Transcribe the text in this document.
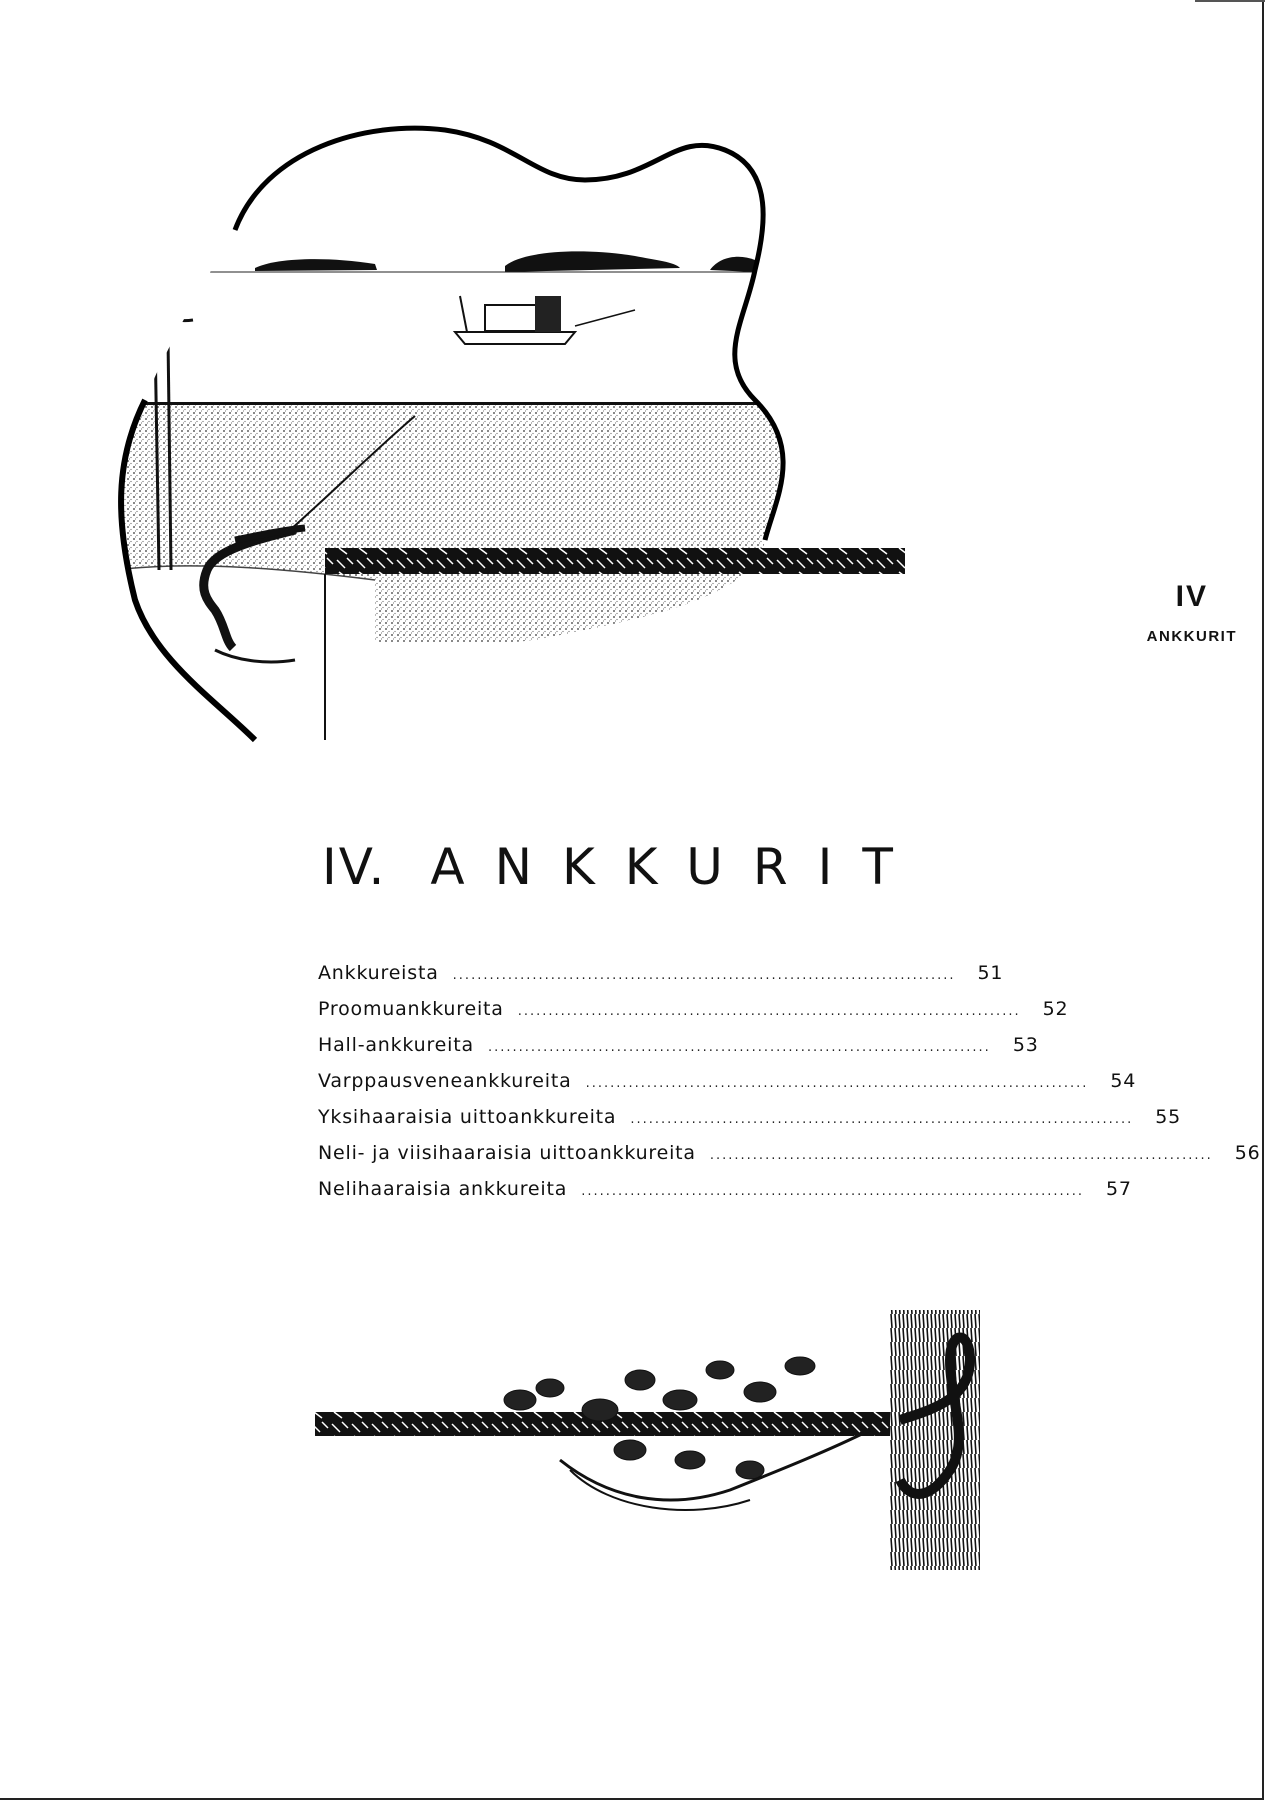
IV
ANKKURIT
IV. ANKKURIT
Ankkureista .................................................................................. 51
Proomuankkureita .................................................................................. 52
Hall-ankkureita .................................................................................. 53
Varppausveneankkureita .................................................................................. 54
Yksihaaraisia uittoankkureita .................................................................................. 55
Neli- ja viisihaaraisia uittoankkureita .................................................................................. 56
Nelihaaraisia ankkureita .................................................................................. 57
